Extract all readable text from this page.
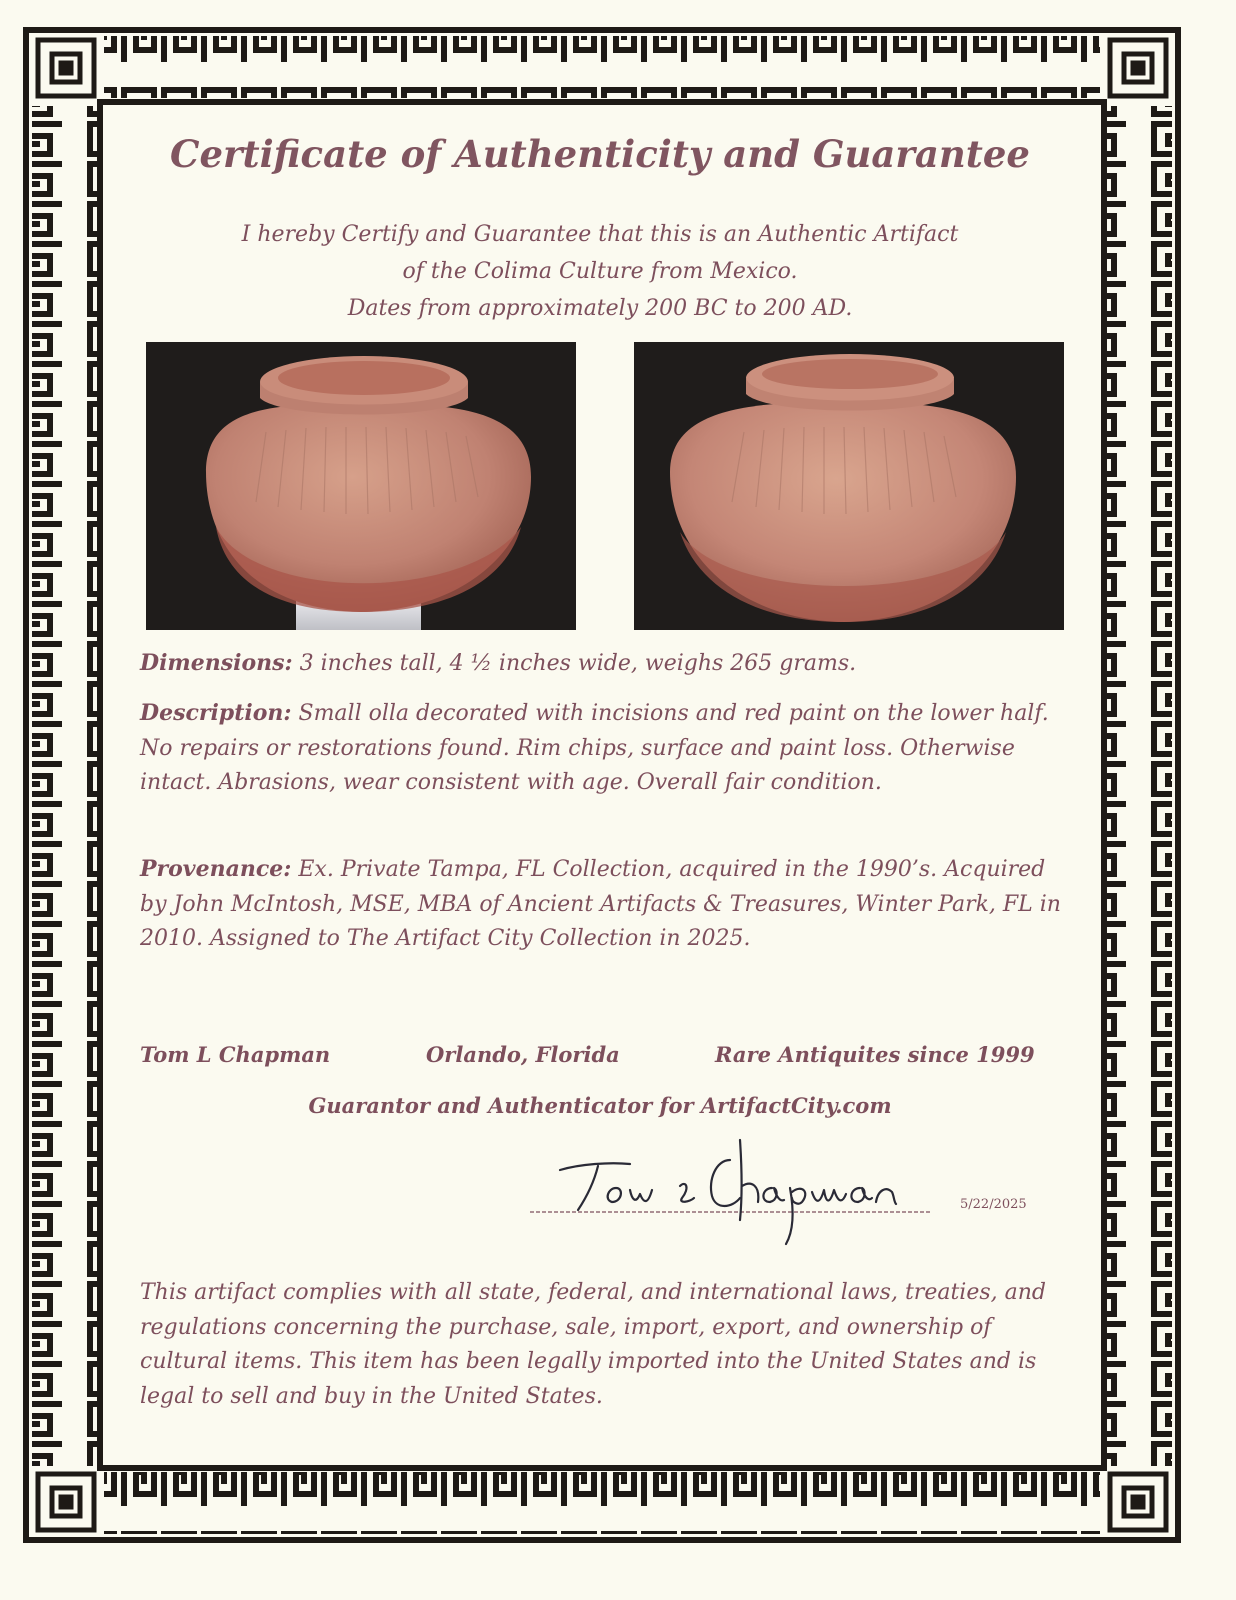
Certificate of Authenticity and Guarantee
I hereby Certify and Guarantee that this is an Authentic Artifact
of the Colima Culture from Mexico.
Dates from approximately 200 BC to 200 AD.
Dimensions: 3 inches tall, 4 ½ inches wide, weighs 265 grams.
Description: Small olla decorated with incisions and red paint on the lower half. No repairs or restorations found. Rim chips, surface and paint loss. Otherwise intact. Abrasions, wear consistent with age. Overall fair condition.
Provenance: Ex. Private Tampa, FL Collection, acquired in the 1990’s. Acquired by John McIntosh, MSE, MBA of Ancient Artifacts & Treasures, Winter Park, FL in 2010. Assigned to The Artifact City Collection in 2025.
Tom L Chapman	Orlando, Florida	Rare Antiquites since 1999
Guarantor and Authenticator for ArtifactCity.com
5/22/2025
This artifact complies with all state, federal, and international laws, treaties, and regulations concerning the purchase, sale, import, export, and ownership of cultural items. This item has been legally imported into the United States and is legal to sell and buy in the United States.
